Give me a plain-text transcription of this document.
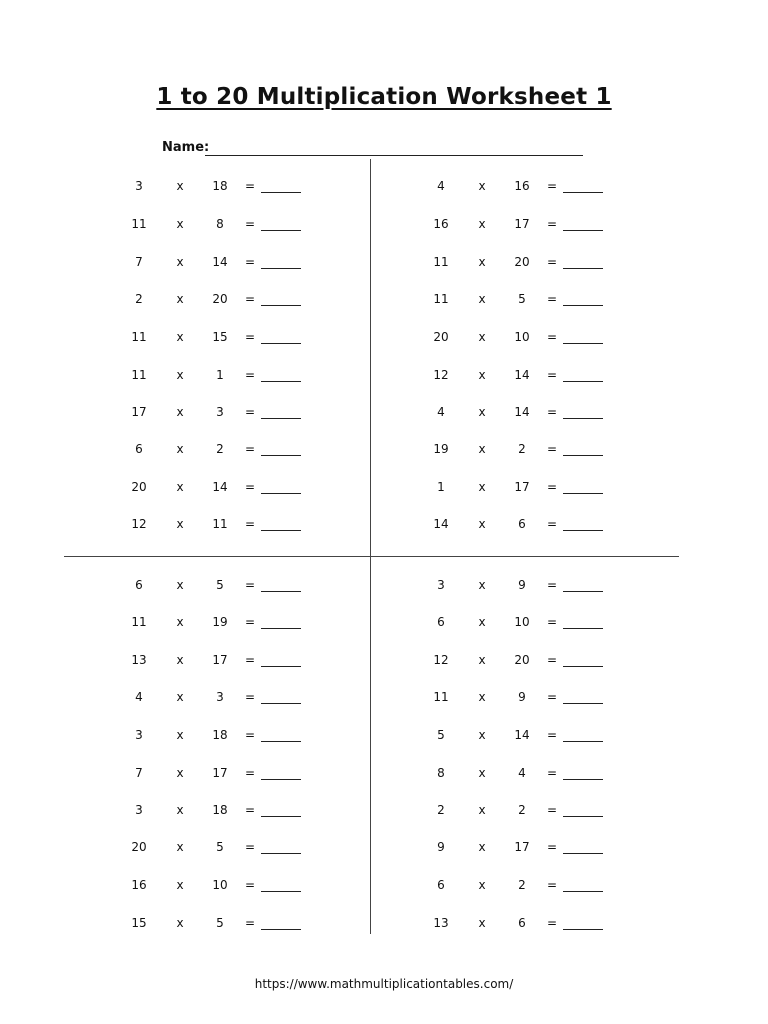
1 to 20 Multiplication Worksheet 1
Name:
3	x	18	=
11	x	8	=
7	x	14	=
2	x	20	=
11	x	15	=
11	x	1	=
17	x	3	=
6	x	2	=
20	x	14	=
12	x	11	=
4	x	16	=
16	x	17	=
11	x	20	=
11	x	5	=
20	x	10	=
12	x	14	=
4	x	14	=
19	x	2	=
1	x	17	=
14	x	6	=
6	x	5	=
11	x	19	=
13	x	17	=
4	x	3	=
3	x	18	=
7	x	17	=
3	x	18	=
20	x	5	=
16	x	10	=
15	x	5	=
3	x	9	=
6	x	10	=
12	x	20	=
11	x	9	=
5	x	14	=
8	x	4	=
2	x	2	=
9	x	17	=
6	x	2	=
13	x	6	=
https://www.mathmultiplicationtables.com/
